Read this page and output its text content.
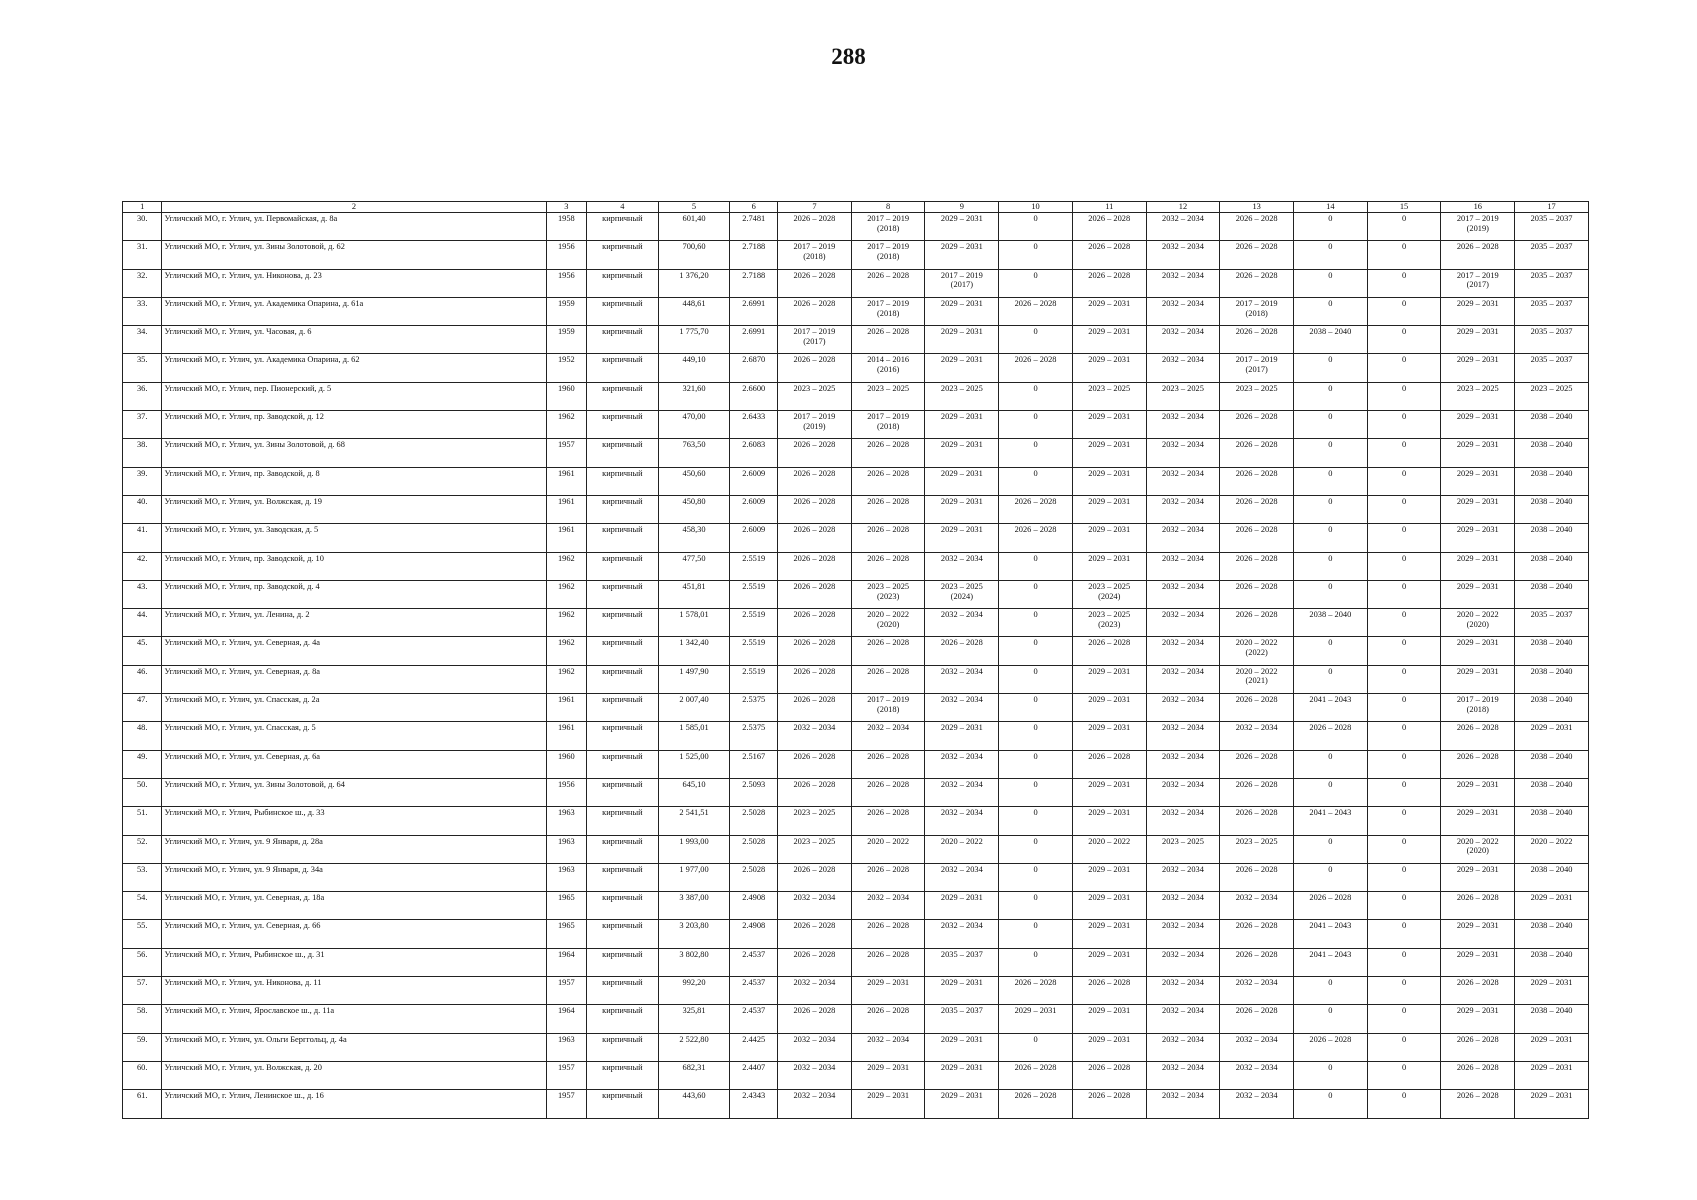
288
1	2	3	4	5	6	7	8	9	10	11	12	13	14	15	16	17
30.	Угличский МО, г. Углич, ул. Первомайская, д. 8а	1958	кирпичный	601,40	2.7481	2026 – 2028	2017 – 2019
(2018)	2029 – 2031	0	2026 – 2028	2032 – 2034	2026 – 2028	0	0	2017 – 2019
(2019)	2035 – 2037
31.	Угличский МО, г. Углич, ул. Зины Золотовой, д. 62	1956	кирпичный	700,60	2.7188	2017 – 2019
(2018)	2017 – 2019
(2018)	2029 – 2031	0	2026 – 2028	2032 – 2034	2026 – 2028	0	0	2026 – 2028	2035 – 2037
32.	Угличский МО, г. Углич, ул. Никонова, д. 23	1956	кирпичный	1 376,20	2.7188	2026 – 2028	2026 – 2028	2017 – 2019
(2017)	0	2026 – 2028	2032 – 2034	2026 – 2028	0	0	2017 – 2019
(2017)	2035 – 2037
33.	Угличский МО, г. Углич, ул. Академика Опарина, д. 61а	1959	кирпичный	448,61	2.6991	2026 – 2028	2017 – 2019
(2018)	2029 – 2031	2026 – 2028	2029 – 2031	2032 – 2034	2017 – 2019
(2018)	0	0	2029 – 2031	2035 – 2037
34.	Угличский МО, г. Углич, ул. Часовая, д. 6	1959	кирпичный	1 775,70	2.6991	2017 – 2019
(2017)	2026 – 2028	2029 – 2031	0	2029 – 2031	2032 – 2034	2026 – 2028	2038 – 2040	0	2029 – 2031	2035 – 2037
35.	Угличский МО, г. Углич, ул. Академика Опарина, д. 62	1952	кирпичный	449,10	2.6870	2026 – 2028	2014 – 2016
(2016)	2029 – 2031	2026 – 2028	2029 – 2031	2032 – 2034	2017 – 2019
(2017)	0	0	2029 – 2031	2035 – 2037
36.	Угличский МО, г. Углич, пер. Пионерский, д. 5	1960	кирпичный	321,60	2.6600	2023 – 2025	2023 – 2025	2023 – 2025	0	2023 – 2025	2023 – 2025	2023 – 2025	0	0	2023 – 2025	2023 – 2025
37.	Угличский МО, г. Углич, пр. Заводской, д. 12	1962	кирпичный	470,00	2.6433	2017 – 2019
(2019)	2017 – 2019
(2018)	2029 – 2031	0	2029 – 2031	2032 – 2034	2026 – 2028	0	0	2029 – 2031	2038 – 2040
38.	Угличский МО, г. Углич, ул. Зины Золотовой, д. 68	1957	кирпичный	763,50	2.6083	2026 – 2028	2026 – 2028	2029 – 2031	0	2029 – 2031	2032 – 2034	2026 – 2028	0	0	2029 – 2031	2038 – 2040
39.	Угличский МО, г. Углич, пр. Заводской, д. 8	1961	кирпичный	450,60	2.6009	2026 – 2028	2026 – 2028	2029 – 2031	0	2029 – 2031	2032 – 2034	2026 – 2028	0	0	2029 – 2031	2038 – 2040
40.	Угличский МО, г. Углич, ул. Волжская, д. 19	1961	кирпичный	450,80	2.6009	2026 – 2028	2026 – 2028	2029 – 2031	2026 – 2028	2029 – 2031	2032 – 2034	2026 – 2028	0	0	2029 – 2031	2038 – 2040
41.	Угличский МО, г. Углич, ул. Заводская, д. 5	1961	кирпичный	458,30	2.6009	2026 – 2028	2026 – 2028	2029 – 2031	2026 – 2028	2029 – 2031	2032 – 2034	2026 – 2028	0	0	2029 – 2031	2038 – 2040
42.	Угличский МО, г. Углич, пр. Заводской, д. 10	1962	кирпичный	477,50	2.5519	2026 – 2028	2026 – 2028	2032 – 2034	0	2029 – 2031	2032 – 2034	2026 – 2028	0	0	2029 – 2031	2038 – 2040
43.	Угличский МО, г. Углич, пр. Заводской, д. 4	1962	кирпичный	451,81	2.5519	2026 – 2028	2023 – 2025
(2023)	2023 – 2025
(2024)	0	2023 – 2025
(2024)	2032 – 2034	2026 – 2028	0	0	2029 – 2031	2038 – 2040
44.	Угличский МО, г. Углич, ул. Ленина, д. 2	1962	кирпичный	1 578,01	2.5519	2026 – 2028	2020 – 2022
(2020)	2032 – 2034	0	2023 – 2025
(2023)	2032 – 2034	2026 – 2028	2038 – 2040	0	2020 – 2022
(2020)	2035 – 2037
45.	Угличский МО, г. Углич, ул. Северная, д. 4а	1962	кирпичный	1 342,40	2.5519	2026 – 2028	2026 – 2028	2026 – 2028	0	2026 – 2028	2032 – 2034	2020 – 2022
(2022)	0	0	2029 – 2031	2038 – 2040
46.	Угличский МО, г. Углич, ул. Северная, д. 8а	1962	кирпичный	1 497,90	2.5519	2026 – 2028	2026 – 2028	2032 – 2034	0	2029 – 2031	2032 – 2034	2020 – 2022
(2021)	0	0	2029 – 2031	2038 – 2040
47.	Угличский МО, г. Углич, ул. Спасская, д. 2а	1961	кирпичный	2 007,40	2.5375	2026 – 2028	2017 – 2019
(2018)	2032 – 2034	0	2029 – 2031	2032 – 2034	2026 – 2028	2041 – 2043	0	2017 – 2019
(2018)	2038 – 2040
48.	Угличский МО, г. Углич, ул. Спасская, д. 5	1961	кирпичный	1 585,01	2.5375	2032 – 2034	2032 – 2034	2029 – 2031	0	2029 – 2031	2032 – 2034	2032 – 2034	2026 – 2028	0	2026 – 2028	2029 – 2031
49.	Угличский МО, г. Углич, ул. Северная, д. 6а	1960	кирпичный	1 525,00	2.5167	2026 – 2028	2026 – 2028	2032 – 2034	0	2026 – 2028	2032 – 2034	2026 – 2028	0	0	2026 – 2028	2038 – 2040
50.	Угличский МО, г. Углич, ул. Зины Золотовой, д. 64	1956	кирпичный	645,10	2.5093	2026 – 2028	2026 – 2028	2032 – 2034	0	2029 – 2031	2032 – 2034	2026 – 2028	0	0	2029 – 2031	2038 – 2040
51.	Угличский МО, г. Углич, Рыбинское ш., д. 33	1963	кирпичный	2 541,51	2.5028	2023 – 2025	2026 – 2028	2032 – 2034	0	2029 – 2031	2032 – 2034	2026 – 2028	2041 – 2043	0	2029 – 2031	2038 – 2040
52.	Угличский МО, г. Углич, ул. 9 Января, д. 28а	1963	кирпичный	1 993,00	2.5028	2023 – 2025	2020 – 2022	2020 – 2022	0	2020 – 2022	2023 – 2025	2023 – 2025	0	0	2020 – 2022
(2020)	2020 – 2022
53.	Угличский МО, г. Углич, ул. 9 Января, д. 34а	1963	кирпичный	1 977,00	2.5028	2026 – 2028	2026 – 2028	2032 – 2034	0	2029 – 2031	2032 – 2034	2026 – 2028	0	0	2029 – 2031	2038 – 2040
54.	Угличский МО, г. Углич, ул. Северная, д. 18а	1965	кирпичный	3 387,00	2.4908	2032 – 2034	2032 – 2034	2029 – 2031	0	2029 – 2031	2032 – 2034	2032 – 2034	2026 – 2028	0	2026 – 2028	2029 – 2031
55.	Угличский МО, г. Углич, ул. Северная, д. 66	1965	кирпичный	3 203,80	2.4908	2026 – 2028	2026 – 2028	2032 – 2034	0	2029 – 2031	2032 – 2034	2026 – 2028	2041 – 2043	0	2029 – 2031	2038 – 2040
56.	Угличский МО, г. Углич, Рыбинское ш., д. 31	1964	кирпичный	3 802,80	2.4537	2026 – 2028	2026 – 2028	2035 – 2037	0	2029 – 2031	2032 – 2034	2026 – 2028	2041 – 2043	0	2029 – 2031	2038 – 2040
57.	Угличский МО, г. Углич, ул. Никонова, д. 11	1957	кирпичный	992,20	2.4537	2032 – 2034	2029 – 2031	2029 – 2031	2026 – 2028	2026 – 2028	2032 – 2034	2032 – 2034	0	0	2026 – 2028	2029 – 2031
58.	Угличский МО, г. Углич, Ярославское ш., д. 11а	1964	кирпичный	325,81	2.4537	2026 – 2028	2026 – 2028	2035 – 2037	2029 – 2031	2029 – 2031	2032 – 2034	2026 – 2028	0	0	2029 – 2031	2038 – 2040
59.	Угличский МО, г. Углич, ул. Ольги Берггольц, д. 4а	1963	кирпичный	2 522,80	2.4425	2032 – 2034	2032 – 2034	2029 – 2031	0	2029 – 2031	2032 – 2034	2032 – 2034	2026 – 2028	0	2026 – 2028	2029 – 2031
60.	Угличский МО, г. Углич, ул. Волжская, д. 20	1957	кирпичный	682,31	2.4407	2032 – 2034	2029 – 2031	2029 – 2031	2026 – 2028	2026 – 2028	2032 – 2034	2032 – 2034	0	0	2026 – 2028	2029 – 2031
61.	Угличский МО, г. Углич, Ленинское ш., д. 16	1957	кирпичный	443,60	2.4343	2032 – 2034	2029 – 2031	2029 – 2031	2026 – 2028	2026 – 2028	2032 – 2034	2032 – 2034	0	0	2026 – 2028	2029 – 2031
